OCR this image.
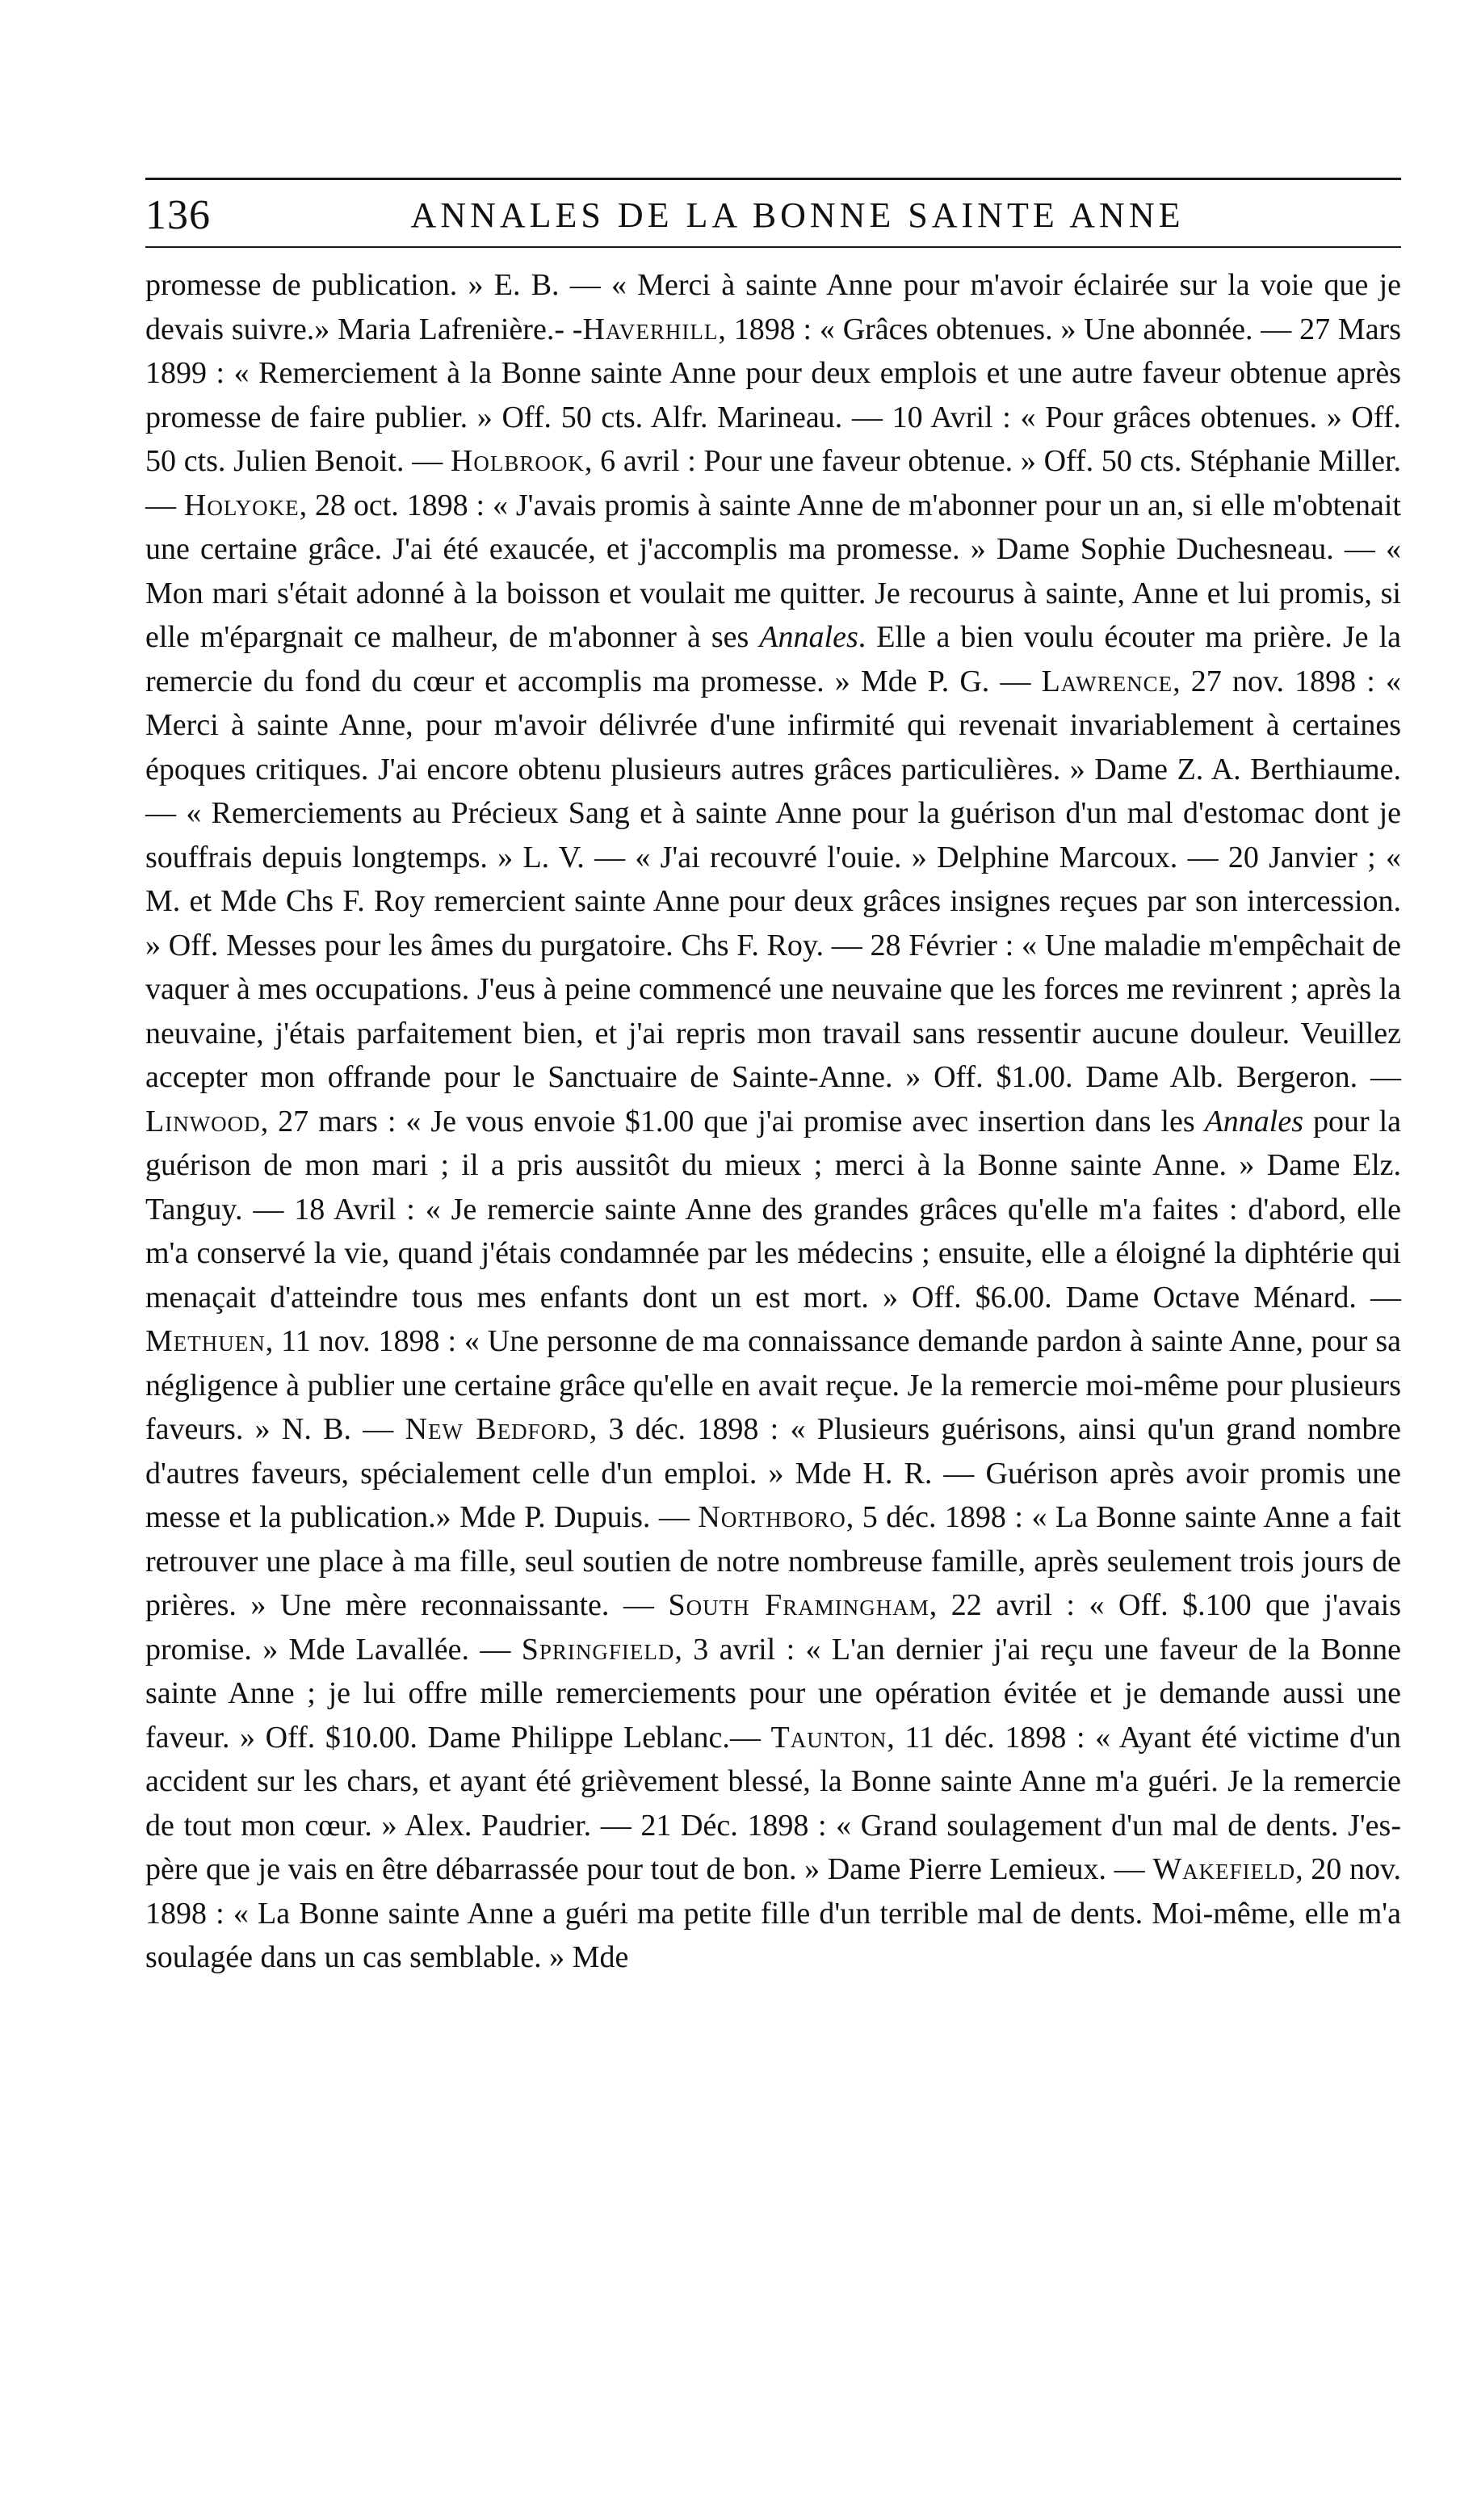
136	ANNALES DE LA BONNE SAINTE ANNE

promesse de publication. » E. B. — « Merci à sainte Anne pour m'avoir éclairée sur la voie que je devais suivre.» Maria Lafrenière.- -Haverhill, 1898 : « Grâces obtenues. » Une abonnée. — 27 Mars 1899 : « Remerciement à la Bonne sainte Anne pour deux emplois et une autre faveur obtenue après promesse de faire publier. » Off. 50 cts. Alfr. Marineau. — 10 Avril : « Pour grâces obtenues. » Off. 50 cts. Julien Benoit. — Holbrook, 6 avril : Pour une faveur obtenue. » Off. 50 cts. Stéphanie Miller. — Holyoke, 28 oct. 1898 : « J'avais promis à sainte Anne de m'abonner pour un an, si elle m'obtenait une certaine grâce. J'ai été exaucée, et j'accomplis ma promesse. » Dame Sophie Duchesneau. — « Mon mari s'était adonné à la boisson et voulait me quitter. Je recourus à sainte, Anne et lui promis, si elle m'épargnait ce malheur, de m'abonner à ses Annales. Elle a bien voulu écouter ma prière. Je la remercie du fond du cœur et accomplis ma promesse. » Mde P. G. — Lawrence, 27 nov. 1898 : « Merci à sainte Anne, pour m'avoir délivrée d'une infirmité qui revenait invariablement à certaines époques critiques. J'ai encore obtenu plusieurs autres grâces particulières. » Dame Z. A. Berthiaume. — « Remerciements au Précieux Sang et à sainte Anne pour la guérison d'un mal d'estomac dont je souffrais depuis longtemps. » L. V. — « J'ai recouvré l'ouie. » Delphine Marcoux. — 20 Janvier ; « M. et Mde Chs F. Roy remercient sainte Anne pour deux grâces insignes reçues par son intercession. » Off. Messes pour les âmes du purgatoire. Chs F. Roy. — 28 Février : « Une maladie m'empêchait de vaquer à mes occupations. J'eus à peine commencé une neuvaine que les forces me revinrent ; après la neuvaine, j'étais parfaitement bien, et j'ai repris mon travail sans ressentir aucune douleur. Veuillez accepter mon offrande pour le Sanctuaire de Sainte-Anne. » Off. $1.00. Dame Alb. Bergeron. — Linwood, 27 mars : « Je vous envoie $1.00 que j'ai promise avec insertion dans les Annales pour la guérison de mon mari ; il a pris aussitôt du mieux ; merci à la Bonne sainte Anne. » Dame Elz. Tanguy. — 18 Avril : « Je remercie sainte Anne des grandes grâces qu'elle m'a faites : d'abord, elle m'a conservé la vie, quand j'étais condamnée par les médecins ; ensuite, elle a éloigné la diphtérie qui menaçait d'atteindre tous mes enfants dont un est mort. » Off. $6.00. Dame Octave Ménard. — Methuen, 11 nov. 1898 : « Une personne de ma connaissance demande pardon à sainte Anne, pour sa négligence à publier une certaine grâce qu'elle en avait reçue. Je la remercie moi-même pour plusieurs faveurs. » N. B. — New Bedford, 3 déc. 1898 : « Plusieurs guérisons, ainsi qu'un grand nombre d'autres faveurs, spécialement celle d'un emploi. » Mde H. R. — Guérison après avoir promis une messe et la publication.» Mde P. Dupuis. — Northboro, 5 déc. 1898 : « La Bonne sainte Anne a fait retrouver une place à ma fille, seul soutien de notre nombreuse famille, après seulement trois jours de prières. » Une mère reconnaissante. — South Framingham, 22 avril : « Off. $.100 que j'avais promise. » Mde Lavallée. — Springfield, 3 avril : « L'an dernier j'ai reçu une faveur de la Bonne sainte Anne ; je lui offre mille remerciements pour une opération évitée et je demande aussi une faveur. » Off. $10.00. Dame Philippe Leblanc.— Taunton, 11 déc. 1898 : « Ayant été victime d'un accident sur les chars, et ayant été grièvement blessé, la Bonne sainte Anne m'a guéri. Je la remercie de tout mon cœur. » Alex. Paudrier. — 21 Déc. 1898 : « Grand soulagement d'un mal de dents. J'espère que je vais en être débarrassée pour tout de bon. » Dame Pierre Lemieux. — Wakefield, 20 nov. 1898 : « La Bonne sainte Anne a guéri ma petite fille d'un terrible mal de dents. Moi-même, elle m'a soulagée dans un cas semblable. » Mde
